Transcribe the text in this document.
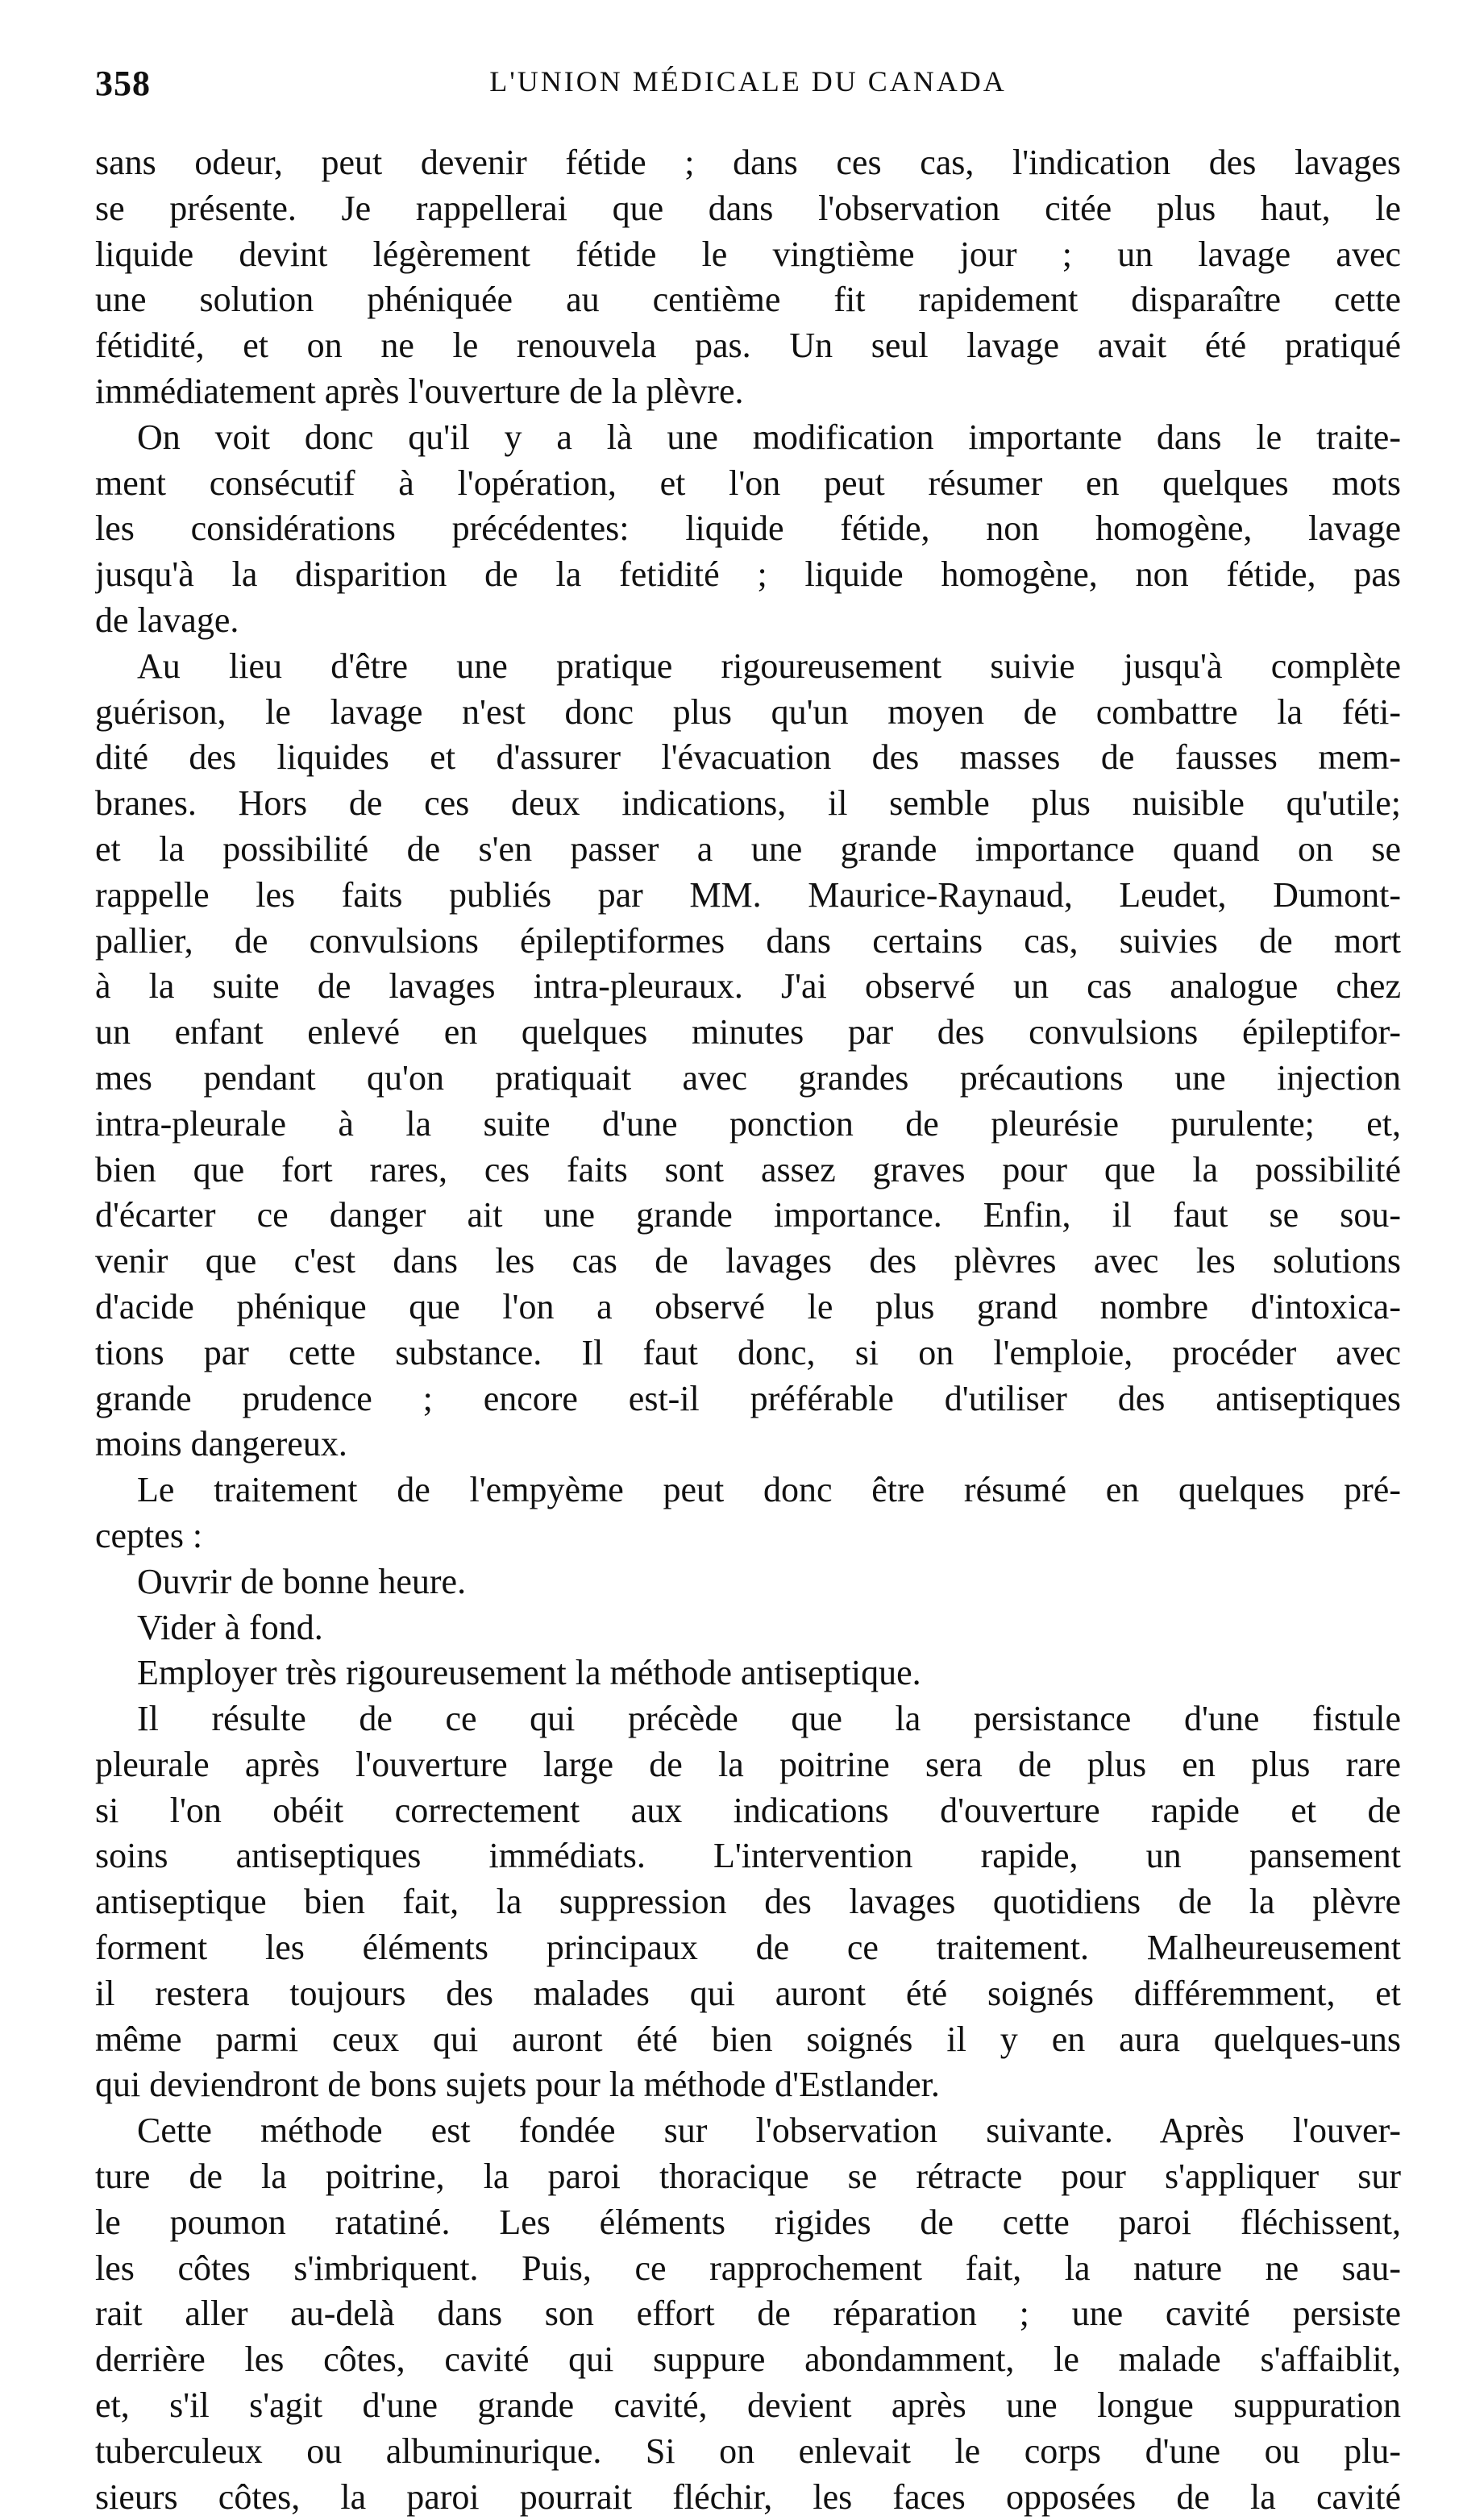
358	L'UNION MÉDICALE DU CANADA
sans odeur, peut devenir fétide ; dans ces cas, l'indication des lavages
se présente. Je rappellerai que dans l'observation citée plus haut, le
liquide devint légèrement fétide le vingtième jour ; un lavage avec
une solution phéniquée au centième fit rapidement disparaître cette
fétidité, et on ne le renouvela pas. Un seul lavage avait été pratiqué
immédiatement après l'ouverture de la plèvre.
On voit donc qu'il y a là une modification importante dans le traite-
ment consécutif à l'opération, et l'on peut résumer en quelques mots
les considérations précédentes: liquide fétide, non homogène, lavage
jusqu'à la disparition de la fetidité ; liquide homogène, non fétide, pas
de lavage.
Au lieu d'être une pratique rigoureusement suivie jusqu'à complète
guérison, le lavage n'est donc plus qu'un moyen de combattre la féti-
dité des liquides et d'assurer l'évacuation des masses de fausses mem-
branes. Hors de ces deux indications, il semble plus nuisible qu'utile;
et la possibilité de s'en passer a une grande importance quand on se
rappelle les faits publiés par MM. Maurice-Raynaud, Leudet, Dumont-
pallier, de convulsions épileptiformes dans certains cas, suivies de mort
à la suite de lavages intra-pleuraux. J'ai observé un cas analogue chez
un enfant enlevé en quelques minutes par des convulsions épileptifor-
mes pendant qu'on pratiquait avec grandes précautions une injection
intra-pleurale à la suite d'une ponction de pleurésie purulente; et,
bien que fort rares, ces faits sont assez graves pour que la possibilité
d'écarter ce danger ait une grande importance. Enfin, il faut se sou-
venir que c'est dans les cas de lavages des plèvres avec les solutions
d'acide phénique que l'on a observé le plus grand nombre d'intoxica-
tions par cette substance. Il faut donc, si on l'emploie, procéder avec
grande prudence ; encore est-il préférable d'utiliser des antiseptiques
moins dangereux.
Le traitement de l'empyème peut donc être résumé en quelques pré-
ceptes :
Ouvrir de bonne heure.
Vider à fond.
Employer très rigoureusement la méthode antiseptique.
Il résulte de ce qui précède que la persistance d'une fistule
pleurale après l'ouverture large de la poitrine sera de plus en plus rare
si l'on obéit correctement aux indications d'ouverture rapide et de
soins antiseptiques immédiats. L'intervention rapide, un pansement
antiseptique bien fait, la suppression des lavages quotidiens de la plèvre
forment les éléments principaux de ce traitement. Malheureusement
il restera toujours des malades qui auront été soignés différemment, et
même parmi ceux qui auront été bien soignés il y en aura quelques-uns
qui deviendront de bons sujets pour la méthode d'Estlander.
Cette méthode est fondée sur l'observation suivante. Après l'ouver-
ture de la poitrine, la paroi thoracique se rétracte pour s'appliquer sur
le poumon ratatiné. Les éléments rigides de cette paroi fléchissent,
les côtes s'imbriquent. Puis, ce rapprochement fait, la nature ne sau-
rait aller au-delà dans son effort de réparation ; une cavité persiste
derrière les côtes, cavité qui suppure abondamment, le malade s'affaiblit,
et, s'il s'agit d'une grande cavité, devient après une longue suppuration
tuberculeux ou albuminurique. Si on enlevait le corps d'une ou plu-
sieurs côtes, la paroi pourrait fléchir, les faces opposées de la cavité
